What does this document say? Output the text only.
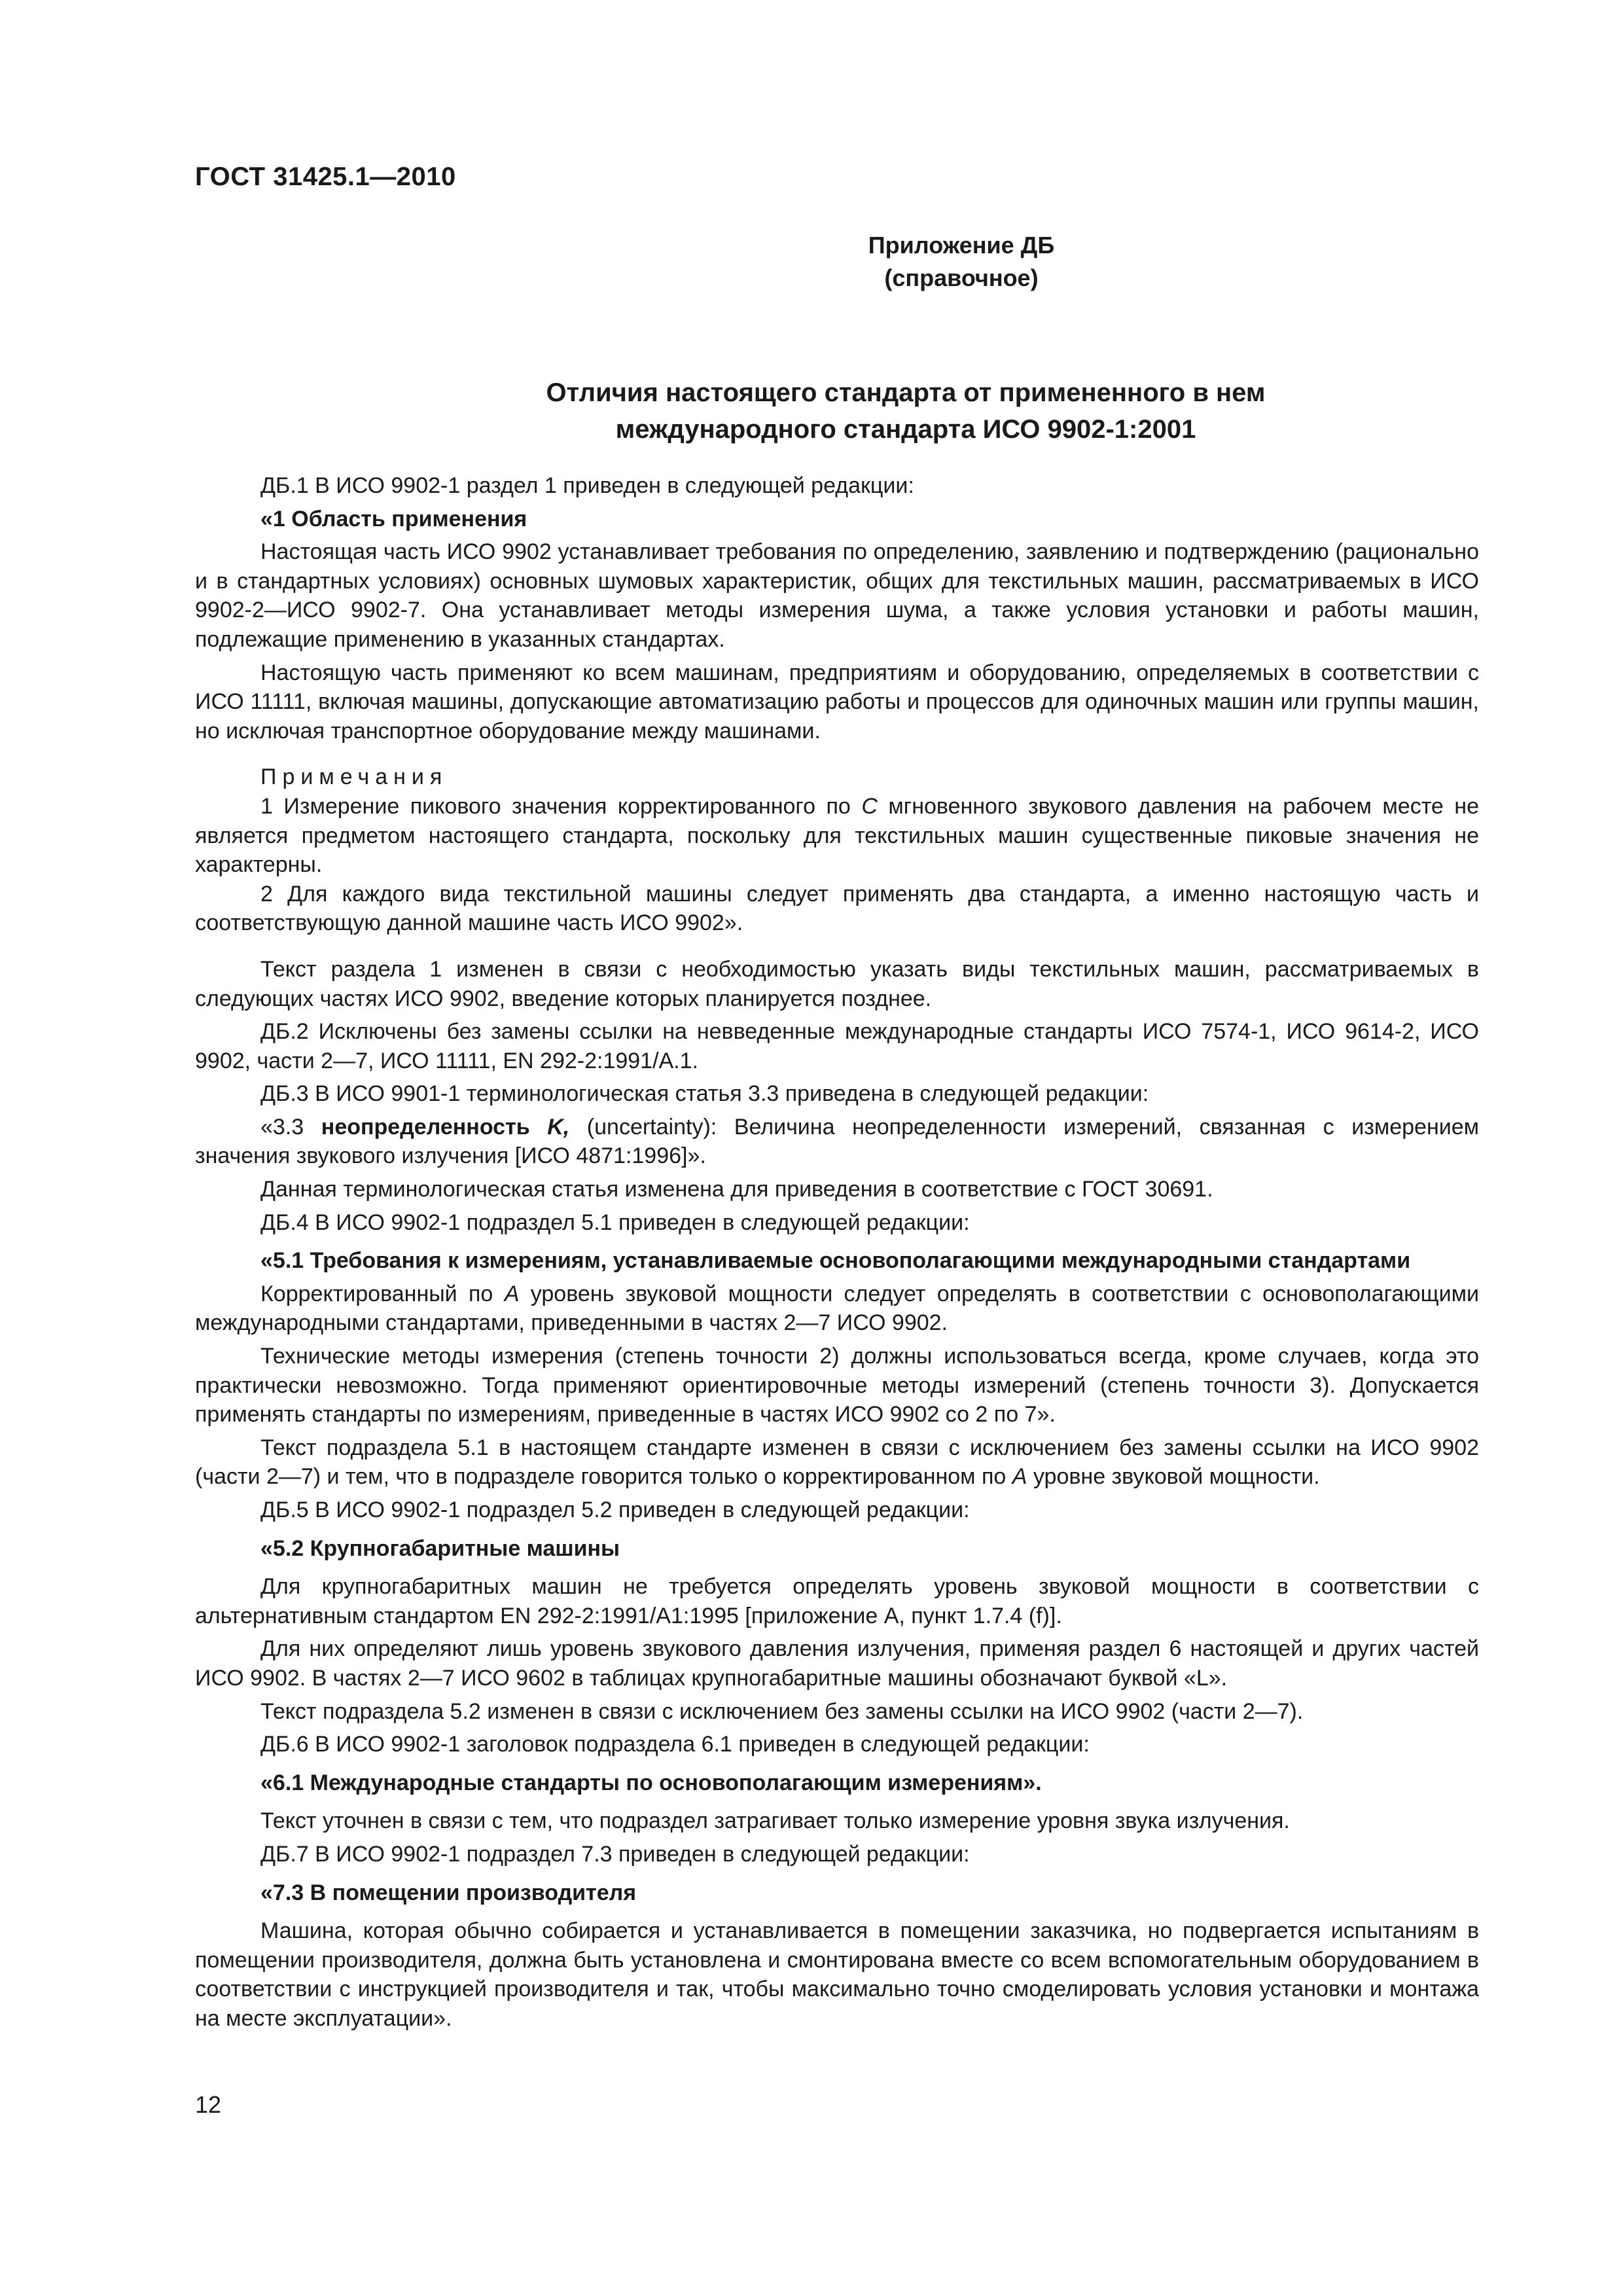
ГОСТ 31425.1—2010
Приложение ДБ
(справочное)
Отличия настоящего стандарта от примененного в нем
международного стандарта ИСО 9902-1:2001

ДБ.1 В ИСО 9902-1 раздел 1 приведен в следующей редакции:

«1 Область применения

Настоящая часть ИСО 9902 устанавливает требования по определению, заявлению и подтверждению (рационально и в стандартных условиях) основных шумовых характеристик, общих для текстильных машин, рассматриваемых в ИСО 9902-2—ИСО 9902-7. Она устанавливает методы измерения шума, а также условия установки и работы машин, подлежащие применению в указанных стандартах.

Настоящую часть применяют ко всем машинам, предприятиям и оборудованию, определяемых в соответствии с ИСО 11111, включая машины, допускающие автоматизацию работы и процессов для одиночных машин или группы машин, но исключая транспортное оборудование между машинами.

Примечания

1 Измерение пикового значения корректированного по C мгновенного звукового давления на рабочем месте не является предметом настоящего стандарта, поскольку для текстильных машин существенные пиковые значения не характерны.

2 Для каждого вида текстильной машины следует применять два стандарта, а именно настоящую часть и соответствующую данной машине часть ИСО 9902».

Текст раздела 1 изменен в связи с необходимостью указать виды текстильных машин, рассматриваемых в следующих частях ИСО 9902, введение которых планируется позднее.

ДБ.2 Исключены без замены ссылки на невведенные международные стандарты ИСО 7574-1, ИСО 9614-2, ИСО 9902, части 2—7, ИСО 11111, EN 292-2:1991/A.1.

ДБ.3 В ИСО 9901-1 терминологическая статья 3.3 приведена в следующей редакции:

«3.3 неопределенность K, (uncertainty): Величина неопределенности измерений, связанная с измерением значения звукового излучения [ИСО 4871:1996]».

Данная терминологическая статья изменена для приведения в соответствие с ГОСТ 30691.

ДБ.4 В ИСО 9902-1 подраздел 5.1 приведен в следующей редакции:

«5.1 Требования к измерениям, устанавливаемые основополагающими международными стандартами

Корректированный по A уровень звуковой мощности следует определять в соответствии с основополагающими международными стандартами, приведенными в частях 2—7 ИСО 9902.

Технические методы измерения (степень точности 2) должны использоваться всегда, кроме случаев, когда это практически невозможно. Тогда применяют ориентировочные методы измерений (степень точности 3). Допускается применять стандарты по измерениям, приведенные в частях ИСО 9902 со 2 по 7».

Текст подраздела 5.1 в настоящем стандарте изменен в связи с исключением без замены ссылки на ИСО 9902 (части 2—7) и тем, что в подразделе говорится только о корректированном по A уровне звуковой мощности.

ДБ.5 В ИСО 9902-1 подраздел 5.2 приведен в следующей редакции:

«5.2 Крупногабаритные машины

Для крупногабаритных машин не требуется определять уровень звуковой мощности в соответствии с альтернативным стандартом EN 292-2:1991/A1:1995 [приложение А, пункт 1.7.4 (f)].

Для них определяют лишь уровень звукового давления излучения, применяя раздел 6 настоящей и других частей ИСО 9902. В частях 2—7 ИСО 9602 в таблицах крупногабаритные машины обозначают буквой «L».

Текст подраздела 5.2 изменен в связи с исключением без замены ссылки на ИСО 9902 (части 2—7).

ДБ.6 В ИСО 9902-1 заголовок подраздела 6.1 приведен в следующей редакции:

«6.1 Международные стандарты по основополагающим измерениям».

Текст уточнен в связи с тем, что подраздел затрагивает только измерение уровня звука излучения.

ДБ.7 В ИСО 9902-1 подраздел 7.3 приведен в следующей редакции:

«7.3 В помещении производителя

Машина, которая обычно собирается и устанавливается в помещении заказчика, но подвергается испытаниям в помещении производителя, должна быть установлена и смонтирована вместе со всем вспомогательным оборудованием в соответствии с инструкцией производителя и так, чтобы максимально точно смоделировать условия установки и монтажа на месте эксплуатации».

12
